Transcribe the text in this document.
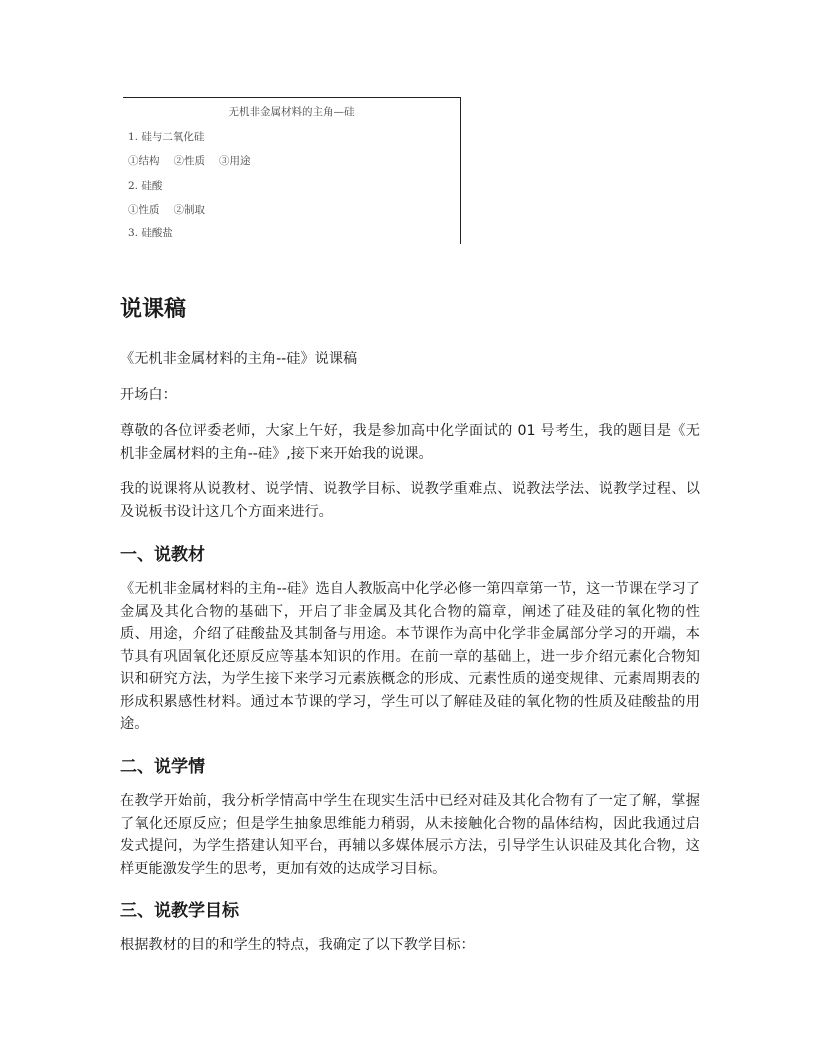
无机非金属材料的主角—硅
1. 硅与二氧化硅
①结构 ②性质 ③用途
2. 硅酸
①性质 ②制取
3. 硅酸盐
说课稿

《无机非金属材料的主角--硅》说课稿

开场白：

尊敬的各位评委老师，大家上午好，我是参加高中化学面试的 01 号考生，我的题目是《无机非金属材料的主角--硅》,接下来开始我的说课。

我的说课将从说教材、说学情、说教学目标、说教学重难点、说教法学法、说教学过程、以及说板书设计这几个方面来进行。

一、说教材

《无机非金属材料的主角--硅》选自人教版高中化学必修一第四章第一节，这一节课在学习了金属及其化合物的基础下，开启了非金属及其化合物的篇章，阐述了硅及硅的氧化物的性质、用途，介绍了硅酸盐及其制备与用途。本节课作为高中化学非金属部分学习的开端，本节具有巩固氧化还原反应等基本知识的作用。在前一章的基础上，进一步介绍元素化合物知识和研究方法，为学生接下来学习元素族概念的形成、元素性质的递变规律、元素周期表的形成积累感性材料。通过本节课的学习，学生可以了解硅及硅的氧化物的性质及硅酸盐的用途。

二、说学情

在教学开始前，我分析学情高中学生在现实生活中已经对硅及其化合物有了一定了解，掌握了氧化还原反应；但是学生抽象思维能力稍弱，从未接触化合物的晶体结构，因此我通过启发式提问，为学生搭建认知平台，再辅以多媒体展示方法，引导学生认识硅及其化合物，这样更能激发学生的思考，更加有效的达成学习目标。

三、说教学目标

根据教材的目的和学生的特点，我确定了以下教学目标：
